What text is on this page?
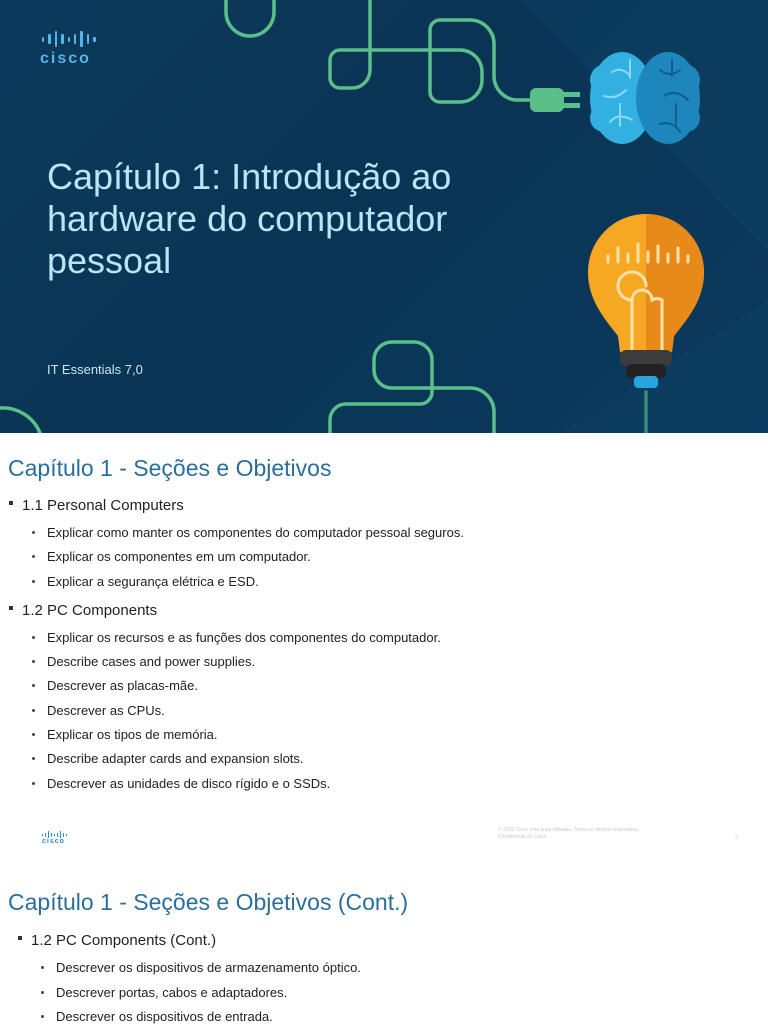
cisco
Capítulo 1: Introdução ao hardware do computador pessoal
IT Essentials 7,0
Capítulo 1 - Seções e Objetivos
1.1 Personal Computers
Explicar como manter os componentes do computador pessoal seguros.
Explicar os componentes em um computador.
Explicar a segurança elétrica e ESD.
1.2 PC Components
Explicar os recursos e as funções dos componentes do computador.
Describe cases and power supplies.
Descrever as placas-mãe.
Descrever as CPUs.
Explicar os tipos de memória.
Describe adapter cards and expansion slots.
Descrever as unidades de disco rígido e o SSDs.
cisco
© 2016 Cisco e/ou suas afiliadas. Todos os direitos reservados.
Confidencial da Cisco	2
Capítulo 1 - Seções e Objetivos (Cont.)
1.2 PC Components (Cont.)
Descrever os dispositivos de armazenamento óptico.
Descrever portas, cabos e adaptadores.
Descrever os dispositivos de entrada.
